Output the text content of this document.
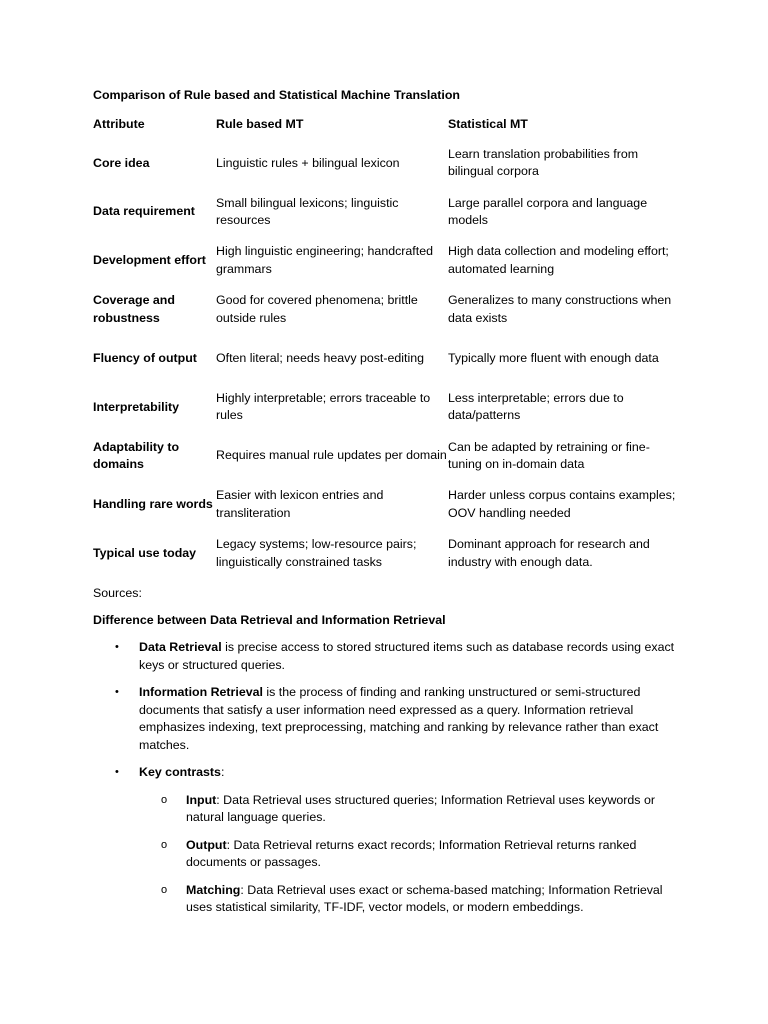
Comparison of Rule based and Statistical Machine Translation
Attribute	Rule based MT	Statistical MT
Core idea	Linguistic rules + bilingual lexicon	Learn translation probabilities from bilingual corpora
Data requirement	Small bilingual lexicons; linguistic resources	Large parallel corpora and language models
Development effort	High linguistic engineering; handcrafted grammars	High data collection and modeling effort; automated learning
Coverage and robustness	Good for covered phenomena; brittle outside rules	Generalizes to many constructions when data exists
Fluency of output	Often literal; needs heavy post-editing	Typically more fluent with enough data
Interpretability	Highly interpretable; errors traceable to rules	Less interpretable; errors due to data/patterns
Adaptability to domains	Requires manual rule updates per domain	Can be adapted by retraining or fine-tuning on in-domain data
Handling rare words	Easier with lexicon entries and transliteration	Harder unless corpus contains examples; OOV handling needed
Typical use today	Legacy systems; low-resource pairs; linguistically constrained tasks	Dominant approach for research and industry with enough data.
Sources:
Difference between Data Retrieval and Information Retrieval
• Data Retrieval is precise access to stored structured items such as database records using exact keys or structured queries.
• Information Retrieval is the process of finding and ranking unstructured or semi-structured documents that satisfy a user information need expressed as a query. Information retrieval emphasizes indexing, text preprocessing, matching and ranking by relevance rather than exact matches.
• Key contrasts:
o Input: Data Retrieval uses structured queries; Information Retrieval uses keywords or natural language queries.
o Output: Data Retrieval returns exact records; Information Retrieval returns ranked documents or passages.
o Matching: Data Retrieval uses exact or schema-based matching; Information Retrieval uses statistical similarity, TF-IDF, vector models, or modern embeddings.
